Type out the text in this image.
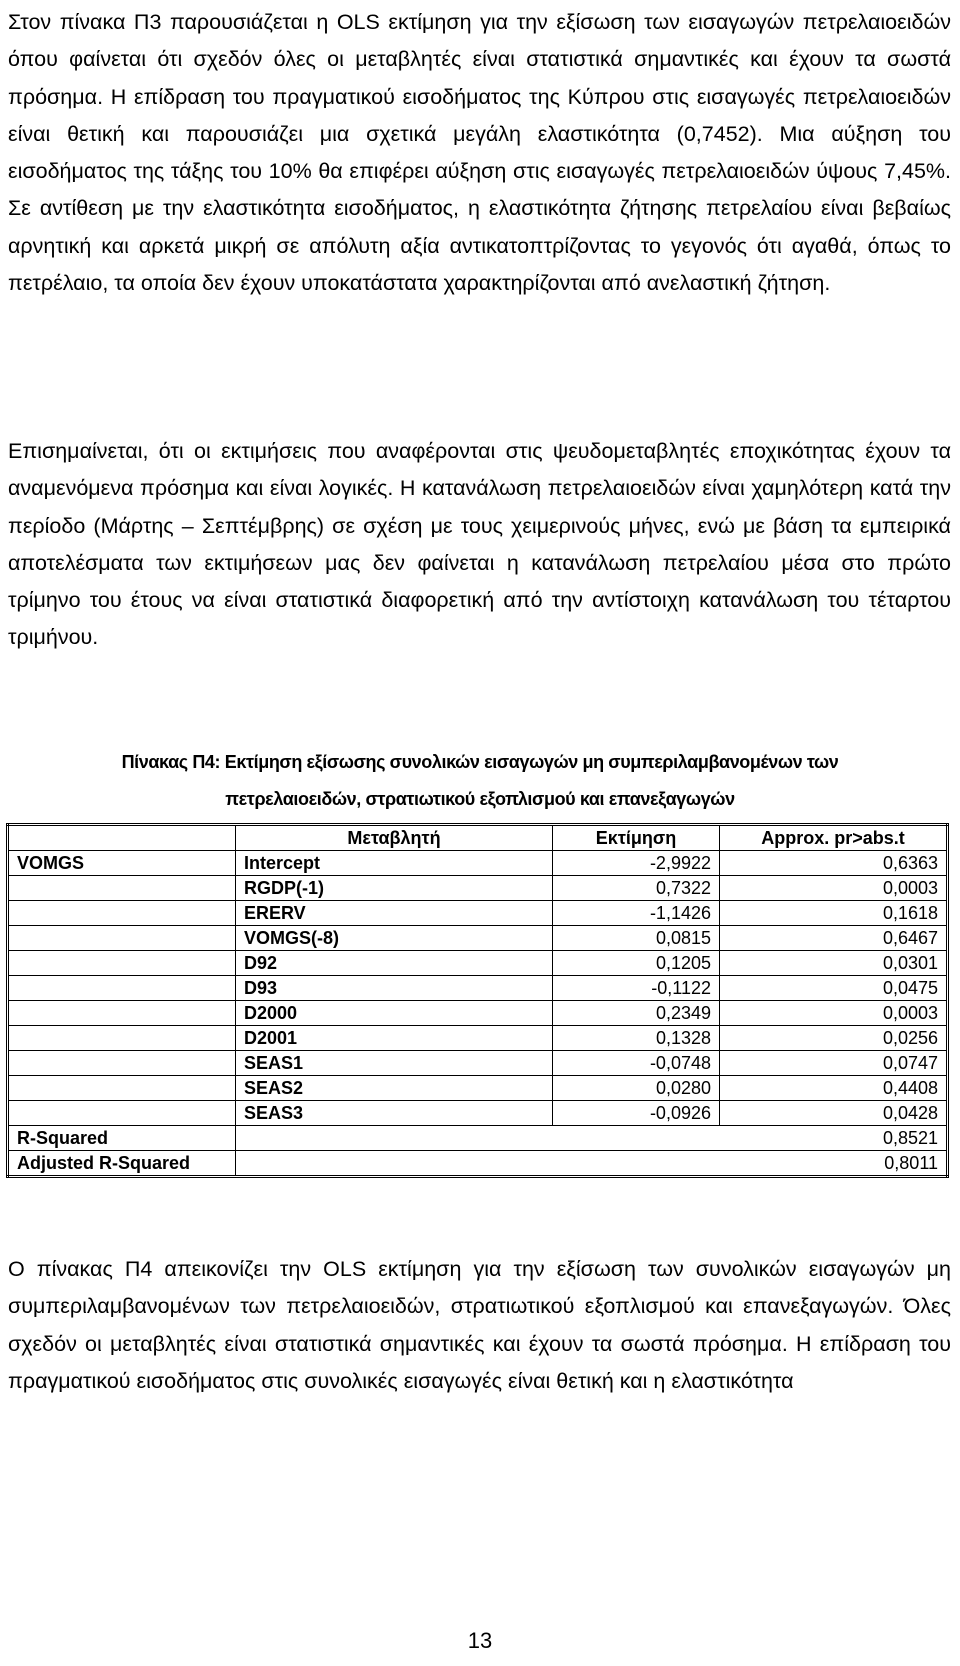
Στον πίνακα Π3 παρουσιάζεται η OLS εκτίμηση για την εξίσωση των εισαγωγών πετρελαιοειδών όπου φαίνεται ότι σχεδόν όλες οι μεταβλητές είναι στατιστικά σημαντικές και έχουν τα σωστά πρόσημα. Η επίδραση του πραγματικού εισοδήματος της Κύπρου στις εισαγωγές πετρελαιοειδών είναι θετική και παρουσιάζει μια σχετικά μεγάλη ελαστικότητα (0,7452). Μια αύξηση του εισοδήματος της τάξης του 10% θα επιφέρει αύξηση στις εισαγωγές πετρελαιοειδών ύψους 7,45%. Σε αντίθεση με την ελαστικότητα εισοδήματος, η ελαστικότητα ζήτησης πετρελαίου είναι βεβαίως αρνητική και αρκετά μικρή σε απόλυτη αξία αντικατοπτρίζοντας το γεγονός ότι αγαθά, όπως το πετρέλαιο, τα οποία δεν έχουν υποκατάστατα χαρακτηρίζονται από ανελαστική ζήτηση.

Επισημαίνεται, ότι οι εκτιμήσεις που αναφέρονται στις ψευδομεταβλητές εποχικότητας έχουν τα αναμενόμενα πρόσημα και είναι λογικές. Η κατανάλωση πετρελαιοειδών είναι χαμηλότερη κατά την περίοδο (Μάρτης – Σεπτέμβρης) σε σχέση με τους χειμερινούς μήνες, ενώ με βάση τα εμπειρικά αποτελέσματα των εκτιμήσεων μας δεν φαίνεται η κατανάλωση πετρελαίου μέσα στο πρώτο τρίμηνο του έτους να είναι στατιστικά διαφορετική από την αντίστοιχη κατανάλωση του τέταρτου τριμήνου.

Πίνακας Π4: Εκτίμηση εξίσωσης συνολικών εισαγωγών μη συμπεριλαμβανομένων των
πετρελαιοειδών, στρατιωτικού εξοπλισμού και επανεξαγωγών
	Μεταβλητή	Εκτίμηση	Approx. pr>abs.t
VOMGS	Intercept	-2,9922	0,6363
	RGDP(-1)	0,7322	0,0003
	ERERV	-1,1426	0,1618
	VOMGS(-8)	0,0815	0,6467
	D92	0,1205	0,0301
	D93	-0,1122	0,0475
	D2000	0,2349	0,0003
	D2001	0,1328	0,0256
	SEAS1	-0,0748	0,0747
	SEAS2	0,0280	0,4408
	SEAS3	-0,0926	0,0428
R-Squared	0,8521		
Adjusted R-Squared	0,8011		

Ο πίνακας Π4 απεικονίζει την OLS εκτίμηση για την εξίσωση των συνολικών εισαγωγών μη συμπεριλαμβανομένων των πετρελαιοειδών, στρατιωτικού εξοπλισμού και επανεξαγωγών. Όλες σχεδόν οι μεταβλητές είναι στατιστικά σημαντικές και έχουν τα σωστά πρόσημα. Η επίδραση του πραγματικού εισοδήματος στις συνολικές εισαγωγές είναι θετική και η ελαστικότητα

13
